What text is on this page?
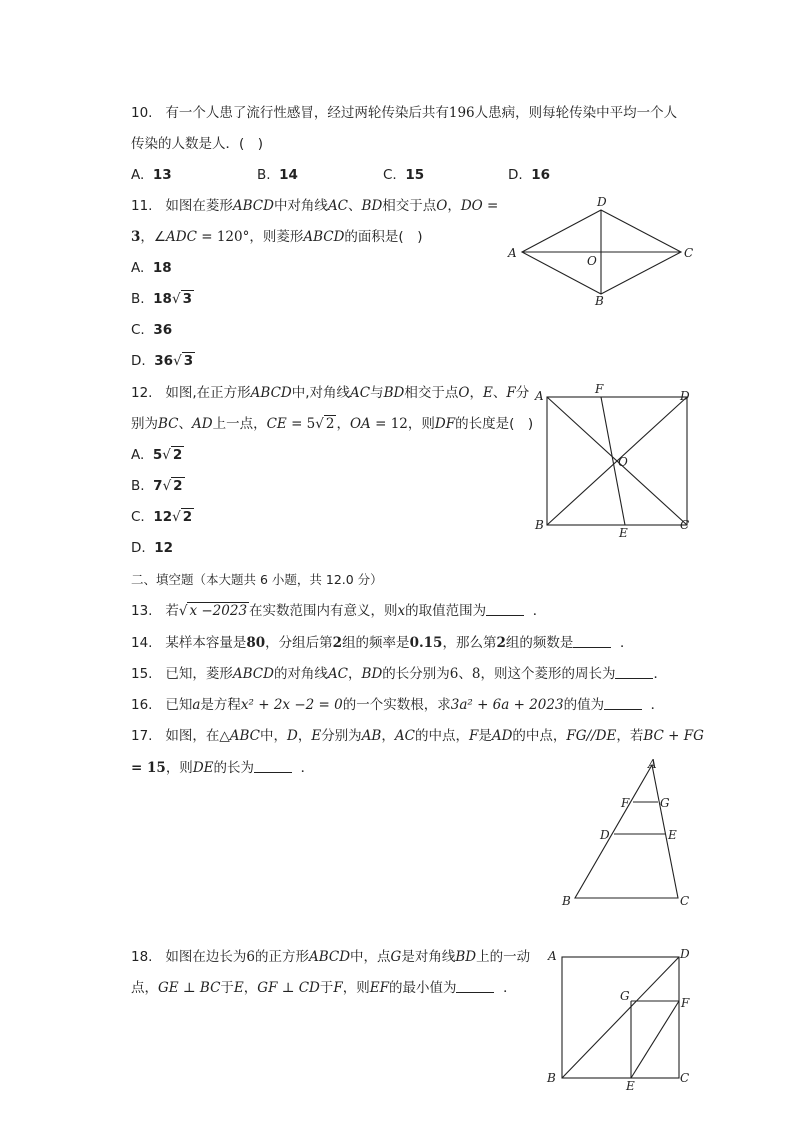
10. 有一个人患了流行性感冒，经过两轮传染后共有196人患病，则每轮传染中平均一个人
传染的人数是人．( )
A. 13	B. 14	C. 15	D. 16
11. 如图在菱形ABCD中对角线AC、BD相交于点O，DO =
3，∠ADC = 120°，则菱形ABCD的面积是( )
A. 18
B. 18√ 3
C. 36
D. 36√ 3
A
D
C
O
B
12. 如图,在正方形ABCD中,对角线AC与BD相交于点O，E、F分
别为BC、AD上一点，CE = 5√ 2 ，OA = 12，则DF的长度是( )
A. 5√ 2
B. 7√ 2
C. 12√ 2
D. 12
A	F	D
O
B
E
C
二、填空题（本大题共 6 小题，共 12.0 分）
13. 若√ x −2023 在实数范围内有意义，则x的取值范围为	．
14. 某样本容量是80，分组后第2组的频率是0.15，那么第2组的频数是	．
15. 已知，菱形ABCD的对角线AC，BD的长分别为6、8，则这个菱形的周长为	．
16. 已知a是方程x² + 2x −2 = 0的一个实数根，求3a² + 6a + 2023的值为	．
17. 如图，在△ABC中，D，E分别为AB，AC的中点，F是AD的中点，FG//DE，若BC + FG
= 15，则DE的长为	．	A
F	G
D	E
B	C
18. 如图在边长为6的正方形ABCD中，点G是对角线BD上的一动
点，GE ⊥ BC于E，GF ⊥ CD于F，则EF的最小值为	．
A	D
G	F
B
E
C
